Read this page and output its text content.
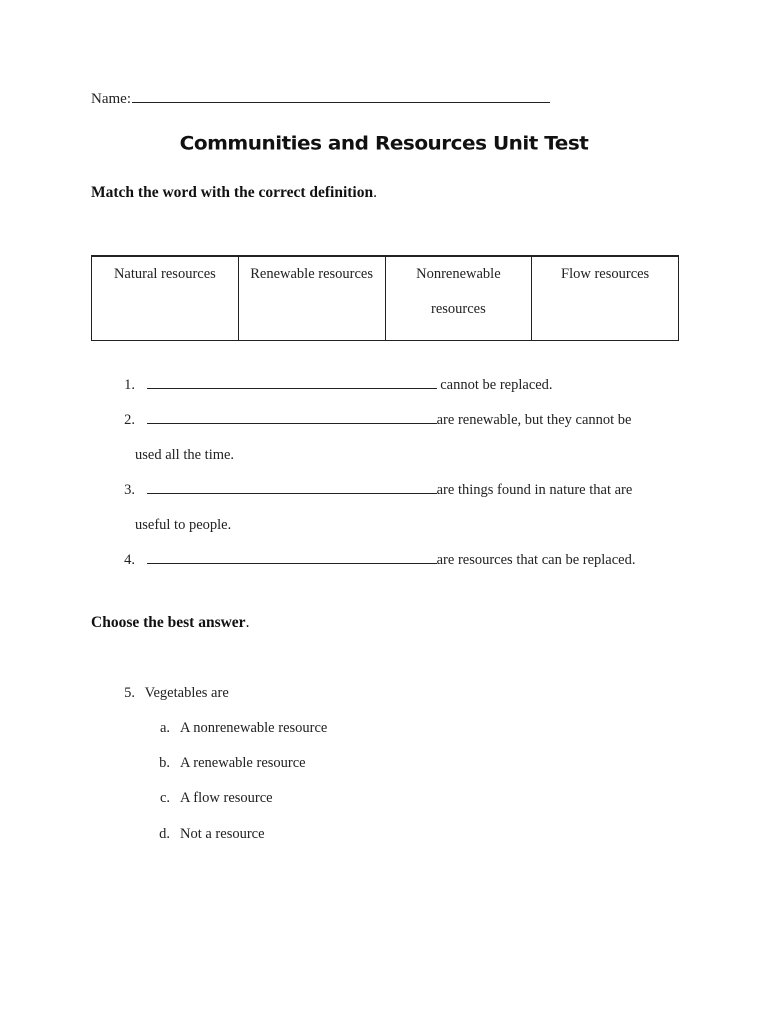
Name:
Communities and Resources Unit Test
Match the word with the correct definition.
Natural resources	Renewable resources	Nonrenewable resources	Flow resources
1.	cannot be replaced.
2.	are renewable, but they cannot be
used all the time.
3.	are things found in nature that are
useful to people.
4.	are resources that can be replaced.
Choose the best answer.
5. Vegetables are
a. A nonrenewable resource
b. A renewable resource
c. A flow resource
d. Not a resource
